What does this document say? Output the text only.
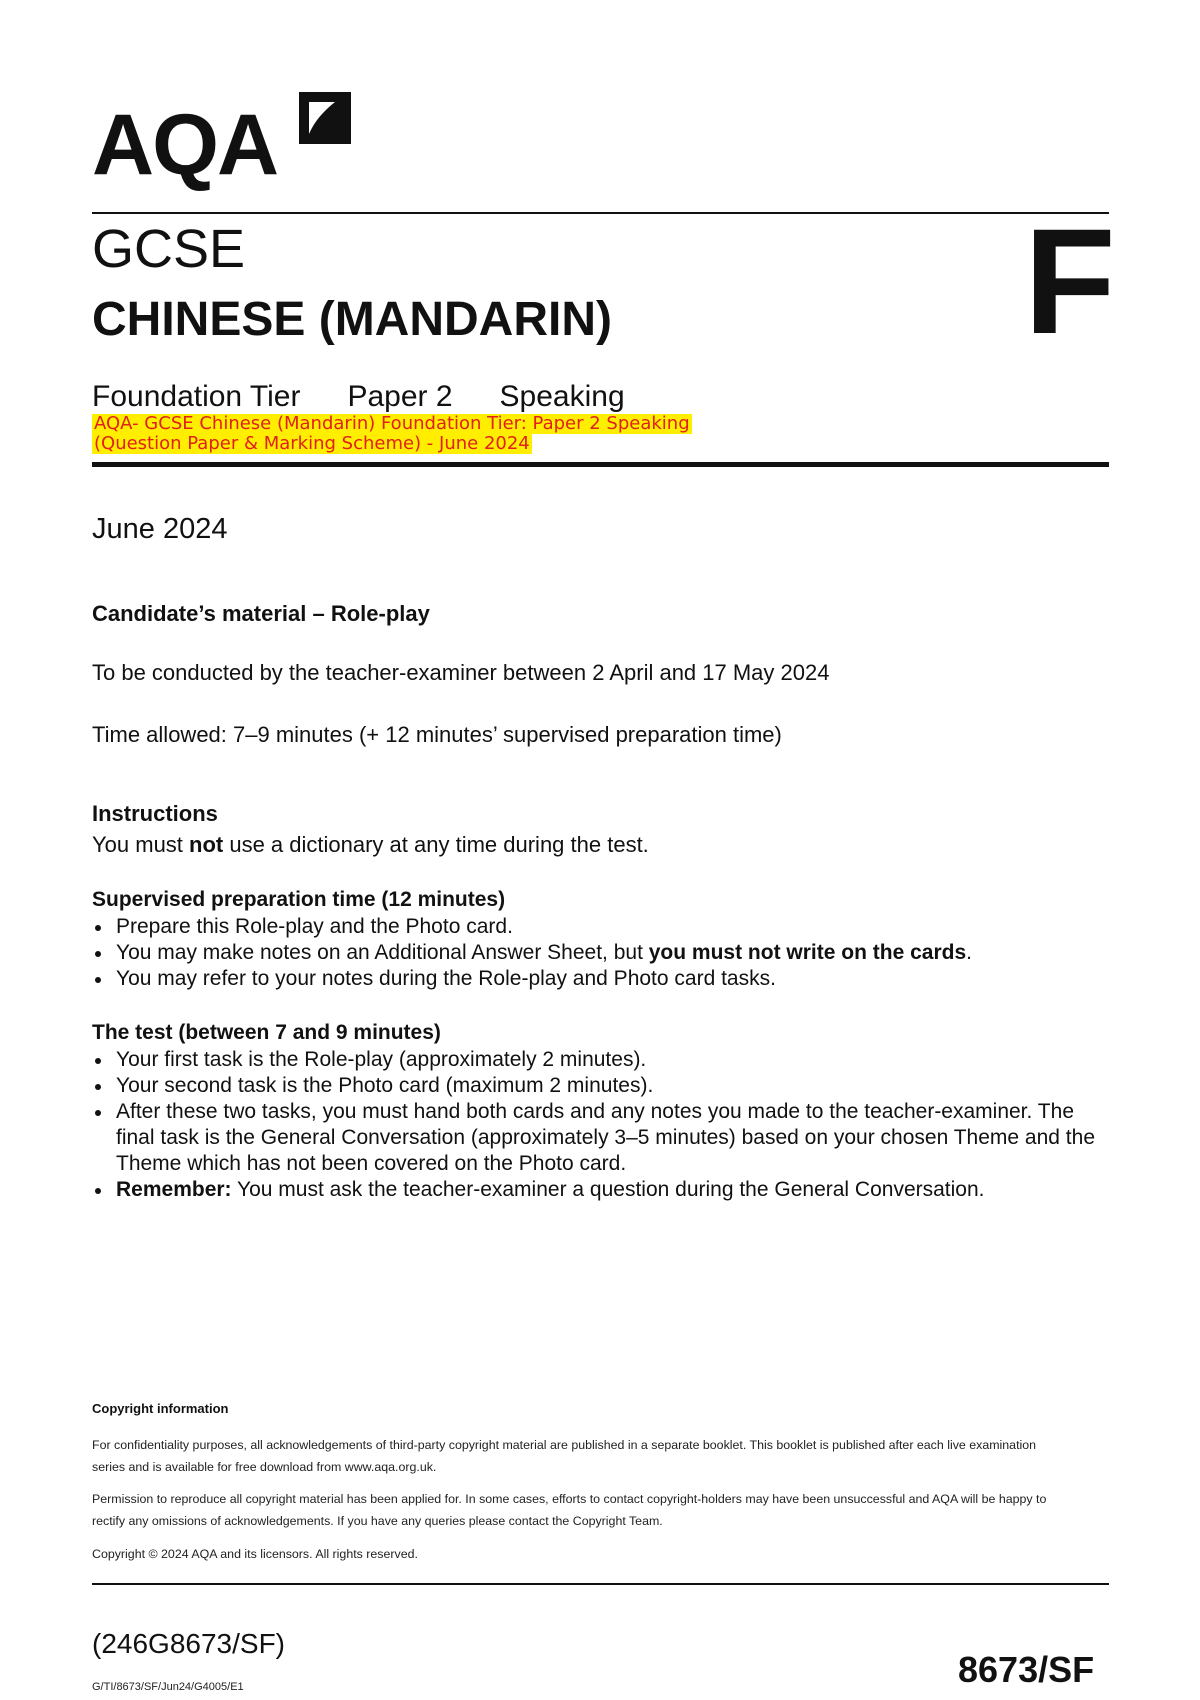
AQA
GCSE
CHINESE (MANDARIN)	F
Foundation Tier Paper 2 Speaking
AQA- GCSE Chinese (Mandarin) Foundation Tier: Paper 2 Speaking
(Question Paper & Marking Scheme) - June 2024
June 2024
Candidate’s material – Role-play
To be conducted by the teacher-examiner between 2 April and 17 May 2024
Time allowed: 7–9 minutes (+ 12 minutes’ supervised preparation time)
Instructions
You must not use a dictionary at any time during the test.
Supervised preparation time (12 minutes)
Prepare this Role-play and the Photo card.
You may make notes on an Additional Answer Sheet, but you must not write on the cards.
You may refer to your notes during the Role-play and Photo card tasks.
The test (between 7 and 9 minutes)
Your first task is the Role-play (approximately 2 minutes).
Your second task is the Photo card (maximum 2 minutes).
After these two tasks, you must hand both cards and any notes you made to the teacher-examiner. The final task is the General Conversation (approximately 3–5 minutes) based on your chosen Theme and the Theme which has not been covered on the Photo card.
Remember: You must ask the teacher-examiner a question during the General Conversation.
Copyright information
For confidentiality purposes, all acknowledgements of third-party copyright material are published in a separate booklet. This booklet is published after each live examination series and is available for free download from www.aqa.org.uk.
Permission to reproduce all copyright material has been applied for. In some cases, efforts to contact copyright-holders may have been unsuccessful and AQA will be happy to rectify any omissions of acknowledgements. If you have any queries please contact the Copyright Team.
Copyright © 2024 AQA and its licensors. All rights reserved.
(246G8673/SF)
G/TI/8673/SF/Jun24/G4005/E1	8673/SF
